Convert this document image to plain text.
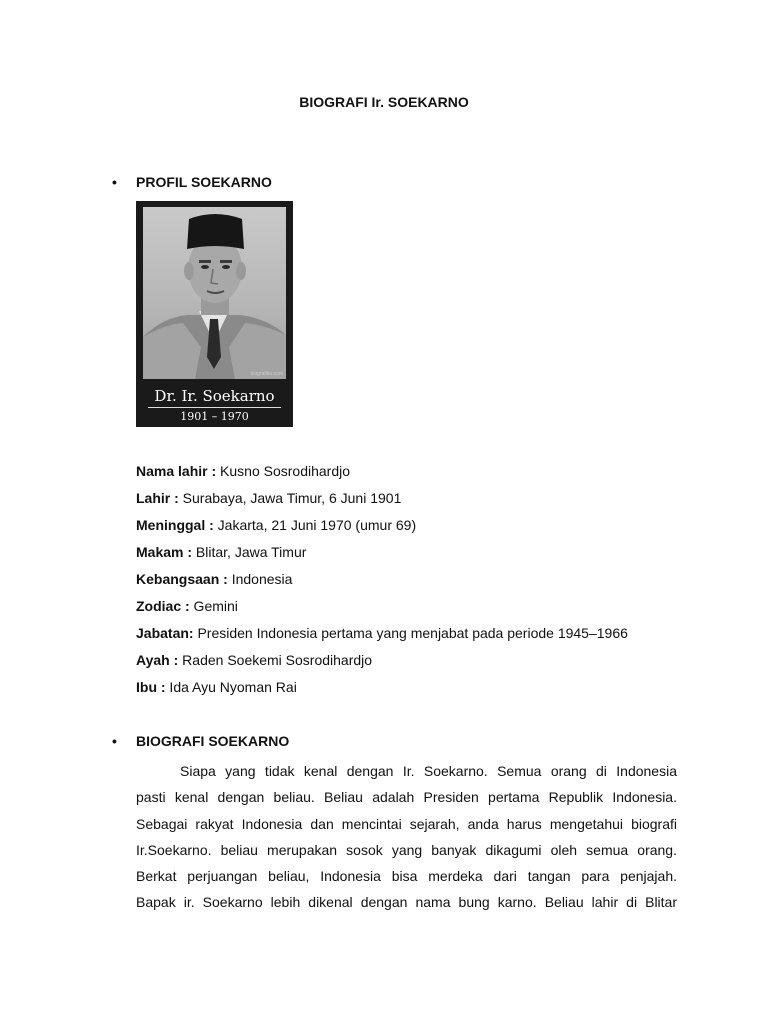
BIOGRAFI Ir. SOEKARNO
•	PROFIL SOEKARNO
biografiku.com
Dr. Ir. Soekarno
1901 – 1970
Nama lahir : Kusno Sosrodihardjo
Lahir : Surabaya, Jawa Timur, 6 Juni 1901
Meninggal : Jakarta, 21 Juni 1970 (umur 69)
Makam : Blitar, Jawa Timur
Kebangsaan : Indonesia
Zodiac : Gemini
Jabatan: Presiden Indonesia pertama yang menjabat pada periode 1945–1966
Ayah : Raden Soekemi Sosrodihardjo
Ibu : Ida Ayu Nyoman Rai
•	BIOGRAFI SOEKARNO
Siapa yang tidak kenal dengan Ir. Soekarno. Semua orang di Indonesia
pasti kenal dengan beliau. Beliau adalah Presiden pertama Republik Indonesia.
Sebagai rakyat Indonesia dan mencintai sejarah, anda harus mengetahui biografi
Ir.Soekarno. beliau merupakan sosok yang banyak dikagumi oleh semua orang.
Berkat perjuangan beliau, Indonesia bisa merdeka dari tangan para penjajah.
Bapak ir. Soekarno lebih dikenal dengan nama bung karno. Beliau lahir di Blitar
